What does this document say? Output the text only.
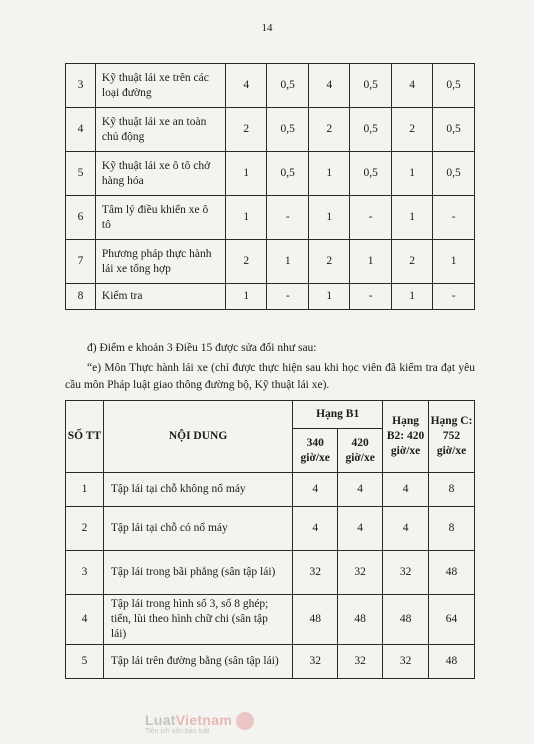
14
3	Kỹ thuật lái xe trên các loại đường	4	0,5	4	0,5	4	0,5
4	Kỹ thuật lái xe an toàn chủ động	2	0,5	2	0,5	2	0,5
5	Kỹ thuật lái xe ô tô chở hàng hóa	1	0,5	1	0,5	1	0,5
6	Tâm lý điều khiển xe ô tô	1	-	1	-	1	-
7	Phương pháp thực hành lái xe tổng hợp	2	1	2	1	2	1
8	Kiểm tra	1	-	1	-	1	-
đ) Điểm e khoản 3 Điều 15 được sửa đổi như sau:
“e) Môn Thực hành lái xe (chỉ được thực hiện sau khi học viên đã kiểm tra đạt yêu cầu môn Pháp luật giao thông đường bộ, Kỹ thuật lái xe).
SỐ TT	NỘI DUNG	Hạng B1		Hạng B2: 420 giờ/xe	Hạng C: 752 giờ/xe
		340 giờ/xe	420 giờ/xe		
1	Tập lái tại chỗ không nổ máy	4	4	4	8
2	Tập lái tại chỗ có nổ máy	4	4	4	8
3	Tập lái trong bãi phẳng (sân tập lái)	32	32	32	48
4	Tập lái trong hình số 3, số 8 ghép; tiến, lùi theo hình chữ chi (sân tập lái)	48	48	48	64
5	Tập lái trên đường bằng (sân tập lái)	32	32	32	48
LuatVietnam
Tiện ích văn bản luật
